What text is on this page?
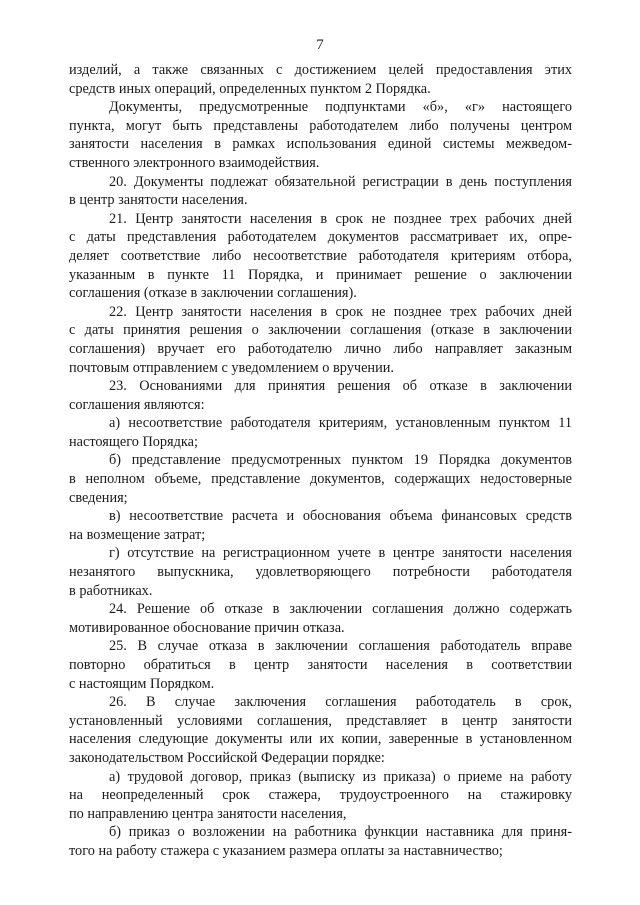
7
изделий, а также связанных с достижением целей предоставления этих
средств иных операций, определенных пунктом 2 Порядка.
Документы, предусмотренные подпунктами «б», «г» настоящего
пункта, могут быть представлены работодателем либо получены центром
занятости населения в рамках использования единой системы межведом-
ственного электронного взаимодействия.
20. Документы подлежат обязательной регистрации в день поступления
в центр занятости населения.
21. Центр занятости населения в срок не позднее трех рабочих дней
с даты представления работодателем документов рассматривает их, опре-
деляет соответствие либо несоответствие работодателя критериям отбора,
указанным в пункте 11 Порядка, и принимает решение о заключении
соглашения (отказе в заключении соглашения).
22. Центр занятости населения в срок не позднее трех рабочих дней
с даты принятия решения о заключении соглашения (отказе в заключении
соглашения) вручает его работодателю лично либо направляет заказным
почтовым отправлением с уведомлением о вручении.
23. Основаниями для принятия решения об отказе в заключении
соглашения являются:
а) несоответствие работодателя критериям, установленным пунктом 11
настоящего Порядка;
б) представление предусмотренных пунктом 19 Порядка документов
в неполном объеме, представление документов, содержащих недостоверные
сведения;
в) несоответствие расчета и обоснования объема финансовых средств
на возмещение затрат;
г) отсутствие на регистрационном учете в центре занятости населения
незанятого выпускника, удовлетворяющего потребности работодателя
в работниках.
24. Решение об отказе в заключении соглашения должно содержать
мотивированное обоснование причин отказа.
25. В случае отказа в заключении соглашения работодатель вправе
повторно обратиться в центр занятости населения в соответствии
с настоящим Порядком.
26. В случае заключения соглашения работодатель в срок,
установленный условиями соглашения, представляет в центр занятости
населения следующие документы или их копии, заверенные в установленном
законодательством Российской Федерации порядке:
а) трудовой договор, приказ (выписку из приказа) о приеме на работу
на неопределенный срок стажера, трудоустроенного на стажировку
по направлению центра занятости населения,
б) приказ о возложении на работника функции наставника для приня-
того на работу стажера с указанием размера оплаты за наставничество;
